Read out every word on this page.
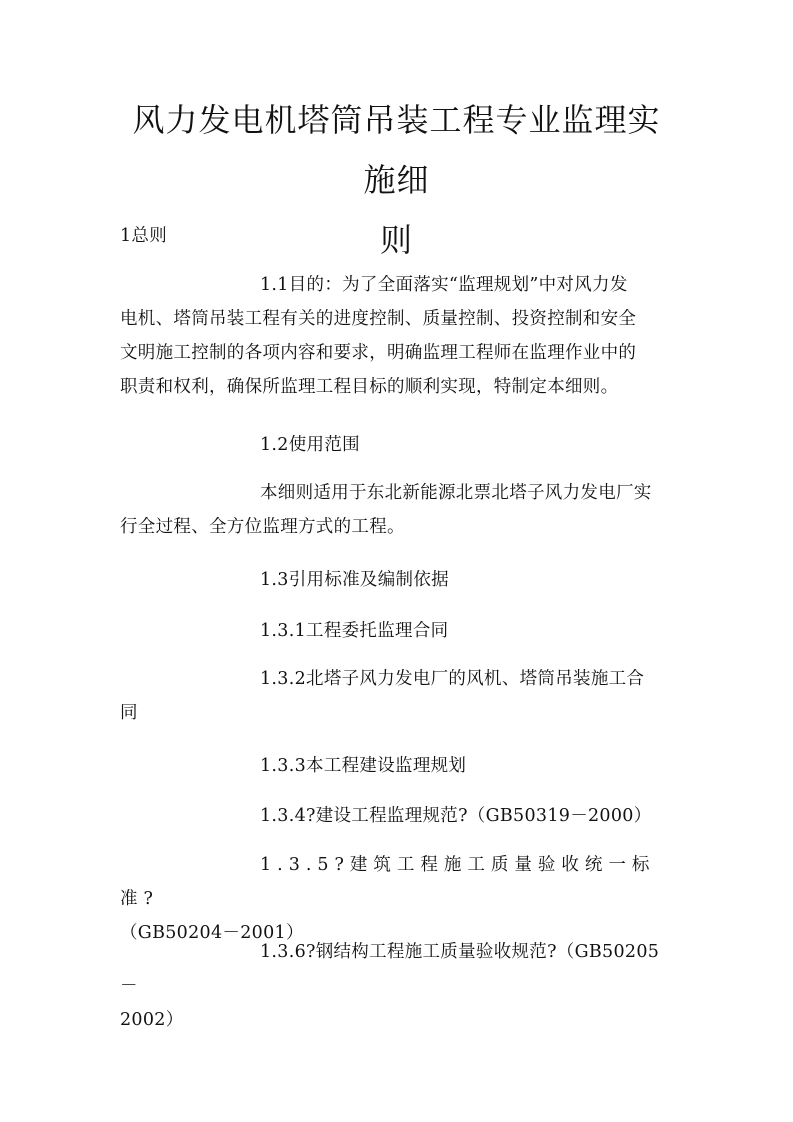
风力发电机塔筒吊装工程专业监理实施细
则

1总则

1.1目的：为了全面落实“监理规划”中对风力发
电机、塔筒吊装工程有关的进度控制、质量控制、投资控制和安全
文明施工控制的各项内容和要求，明确监理工程师在监理作业中的
职责和权利，确保所监理工程目标的顺利实现，特制定本细则。

1.2使用范围

本细则适用于东北新能源北票北塔子风力发电厂实
行全过程、全方位监理方式的工程。

1.3引用标准及编制依据

1.3.1工程委托监理合同

1.3.2北塔子风力发电厂的风机、塔筒吊装施工合
同

1.3.3本工程建设监理规划

1.3.4?建设工程监理规范?（GB50319－2000）

1.3.5?建筑工程施工质量验收统一标准?
（GB50204－2001）

1.3.6?钢结构工程施工质量验收规范?（GB50205－
2002）
